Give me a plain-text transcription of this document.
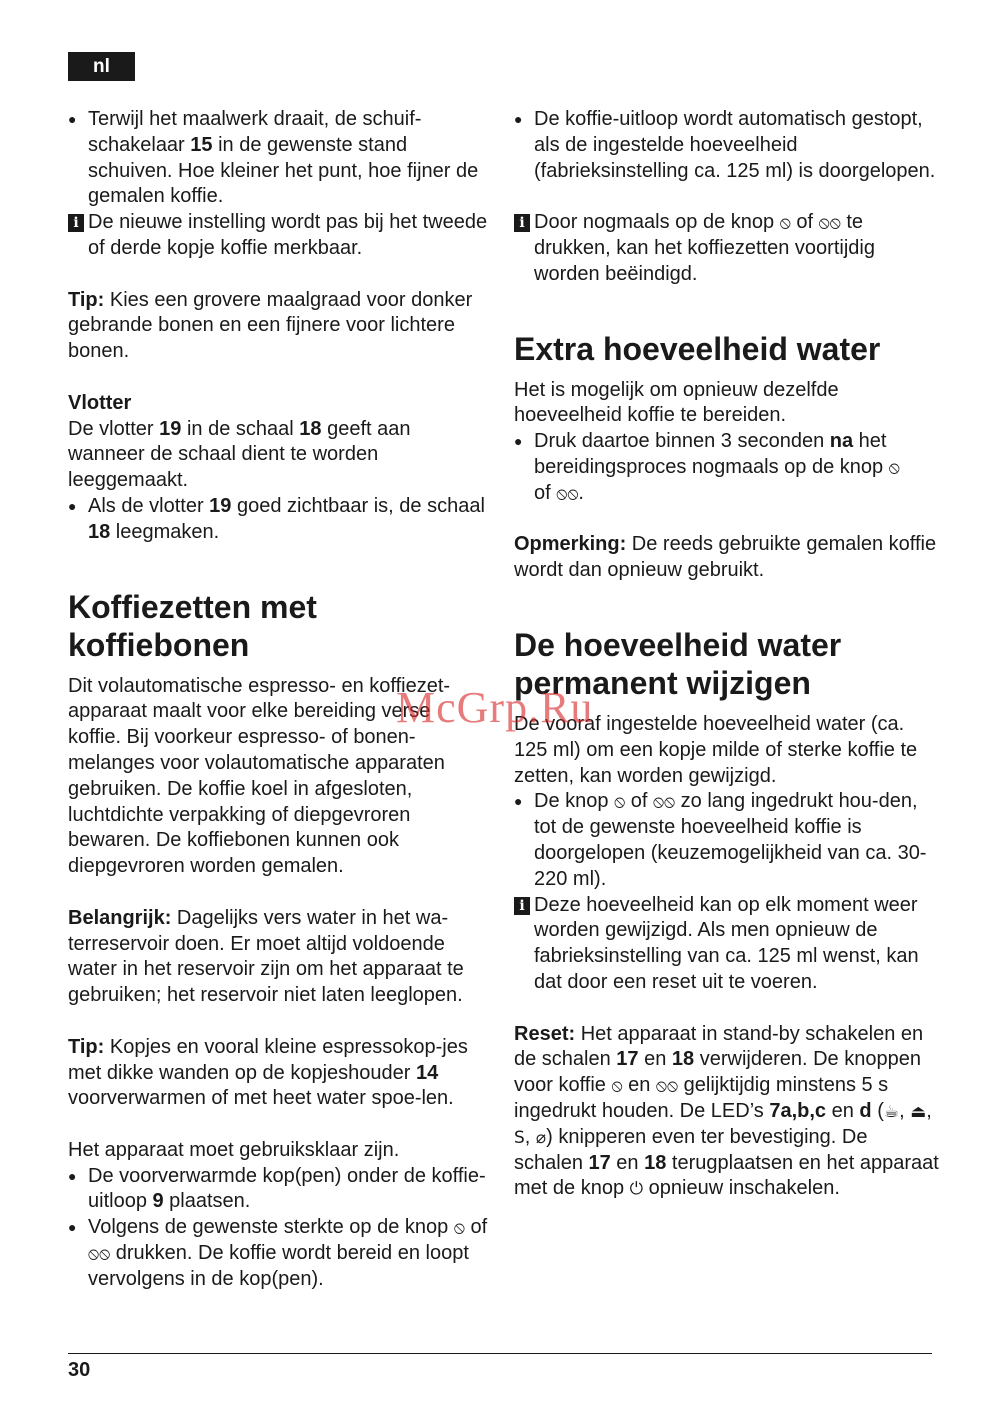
nl

● Terwijl het maalwerk draait, de schuif-schakelaar 15 in de gewenste stand schuiven. Hoe kleiner het punt, hoe fijner de gemalen koffie.

i De nieuwe instelling wordt pas bij het tweede of derde kopje koffie merkbaar.

Tip: Kies een grovere maalgraad voor donker gebrande bonen en een fijnere voor lichtere bonen.

Vlotter

De vlotter 19 in de schaal 18 geeft aan wanneer de schaal dient te worden leeggemaakt.

● Als de vlotter 19 goed zichtbaar is, de schaal 18 leegmaken.

Koffiezetten met koffiebonen

Dit volautomatische espresso- en koffiezet-apparaat maalt voor elke bereiding verse koffie. Bij voorkeur espresso- of bonen-melanges voor volautomatische apparaten gebruiken. De koffie koel in afgesloten, luchtdichte verpakking of diepgevroren bewaren. De koffiebonen kunnen ook diepgevroren worden gemalen.

Belangrijk: Dagelijks vers water in het wa-terreservoir doen. Er moet altijd voldoende water in het reservoir zijn om het apparaat te gebruiken; het reservoir niet laten leeglopen.

Tip: Kopjes en vooral kleine espressokop-jes met dikke wanden op de kopjeshouder 14 voorverwarmen of met heet water spoe-len.

Het apparaat moet gebruiksklaar zijn.

● De voorverwarmde kop(pen) onder de koffie-uitloop 9 plaatsen.

● Volgens de gewenste sterkte op de knop ⦸ of ⦸⦸ drukken. De koffie wordt bereid en loopt vervolgens in de kop(pen).

● De koffie-uitloop wordt automatisch gestopt, als de ingestelde hoeveelheid (fabrieksinstelling ca. 125 ml) is doorgelopen.

i Door nogmaals op de knop ⦸ of ⦸⦸ te drukken, kan het koffiezetten voortijdig worden beëindigd.

Extra hoeveelheid water

Het is mogelijk om opnieuw dezelfde hoeveelheid koffie te bereiden.

● Druk daartoe binnen 3 seconden na het bereidingsproces nogmaals op de knop ⦸
of ⦸⦸.

Opmerking: De reeds gebruikte gemalen koffie wordt dan opnieuw gebruikt.

De hoeveelheid water permanent wijzigen

De vooraf ingestelde hoeveelheid water (ca. 125 ml) om een kopje milde of sterke koffie te zetten, kan worden gewijzigd.

● De knop ⦸ of ⦸⦸ zo lang ingedrukt hou-den, tot de gewenste hoeveelheid koffie is doorgelopen (keuzemogelijkheid van ca. 30-220 ml).

i Deze hoeveelheid kan op elk moment weer worden gewijzigd. Als men opnieuw de fabrieksinstelling van ca. 125 ml wenst, kan dat door een reset uit te voeren.

Reset: Het apparaat in stand-by schakelen en de schalen 17 en 18 verwijderen. De knoppen voor koffie ⦸ en ⦸⦸ gelijktijdig minstens 5 s ingedrukt houden. De LED’s 7a,b,c en d (☕, ⏏, S, ⌀) knipperen even ter bevestiging. De schalen 17 en 18 terugplaatsen en het apparaat met de knop ⏻ opnieuw inschakelen.

McGrp.Ru
30
